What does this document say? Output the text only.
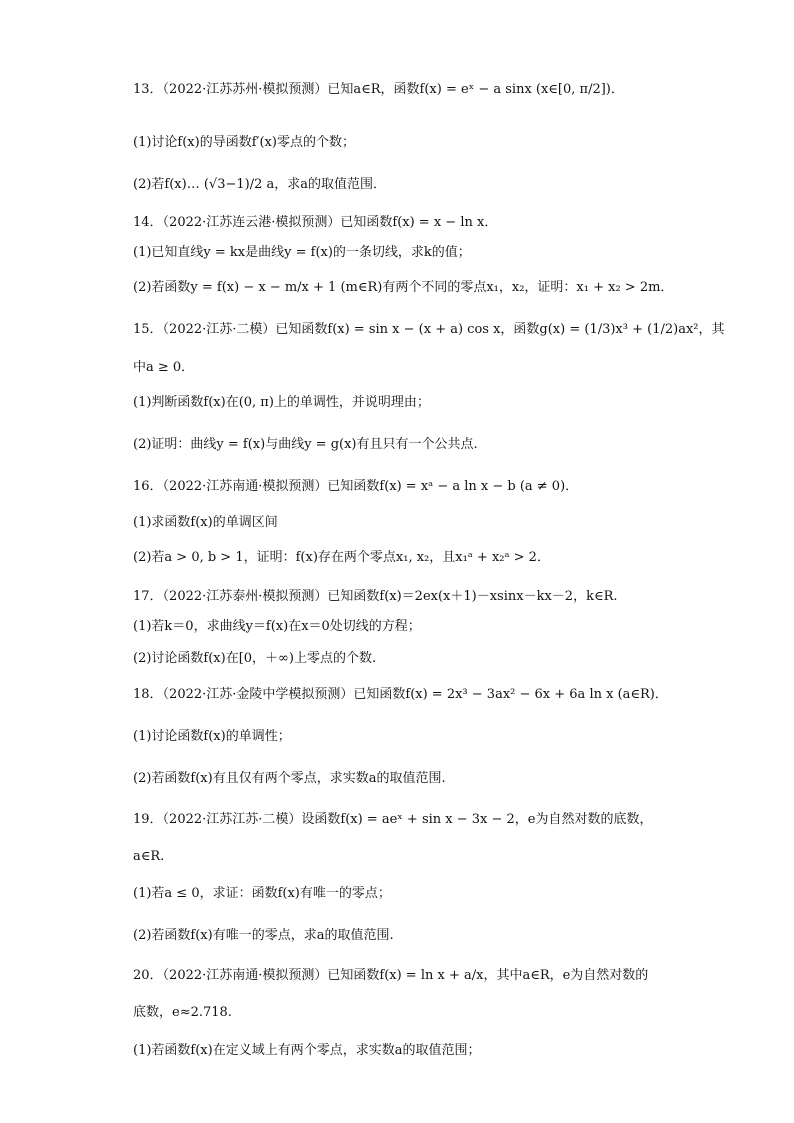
13．（2022·江苏苏州·模拟预测）已知a∈R，函数f(x) = eˣ − a sinx (x∈[0, π/2])．
(1)讨论f(x)的导函数f′(x)零点的个数；
(2)若f(x)… (√3−1)/2 a，求a的取值范围．
14．（2022·江苏连云港·模拟预测）已知函数f(x) = x − ln x．
(1)已知直线y = kx是曲线y = f(x)的一条切线，求k的值；
(2)若函数y = f(x) − x − m/x + 1 (m∈R)有两个不同的零点x₁，x₂，证明：x₁ + x₂ > 2m．
15．（2022·江苏·二模）已知函数f(x) = sin x − (x + a) cos x，函数g(x) = (1/3)x³ + (1/2)ax²，其
中a ≥ 0．
(1)判断函数f(x)在(0, π)上的单调性，并说明理由；
(2)证明：曲线y = f(x)与曲线y = g(x)有且只有一个公共点.
16．（2022·江苏南通·模拟预测）已知函数f(x) = xᵃ − a ln x − b (a ≠ 0)．
(1)求函数f(x)的单调区间
(2)若a > 0, b > 1，证明：f(x)存在两个零点x₁, x₂，且x₁ᵃ + x₂ᵃ > 2．
17．（2022·江苏泰州·模拟预测）已知函数f(x)＝2ex(x＋1)－xsinx－kx－2，k∈R.
(1)若k＝0，求曲线y＝f(x)在x＝0处切线的方程；
(2)讨论函数f(x)在[0，＋∞)上零点的个数.
18．（2022·江苏·金陵中学模拟预测）已知函数f(x) = 2x³ − 3ax² − 6x + 6a ln x (a∈R)．
(1)讨论函数f(x)的单调性；
(2)若函数f(x)有且仅有两个零点，求实数a的取值范围.
19．（2022·江苏江苏·二模）设函数f(x) = aeˣ + sin x − 3x − 2，e为自然对数的底数，
a∈R.
(1)若a ≤ 0，求证：函数f(x)有唯一的零点；
(2)若函数f(x)有唯一的零点，求a的取值范围.
20．（2022·江苏南通·模拟预测）已知函数f(x) = ln x + a/x，其中a∈R，e为自然对数的
底数，e≈2.718.
(1)若函数f(x)在定义域上有两个零点，求实数a的取值范围；
